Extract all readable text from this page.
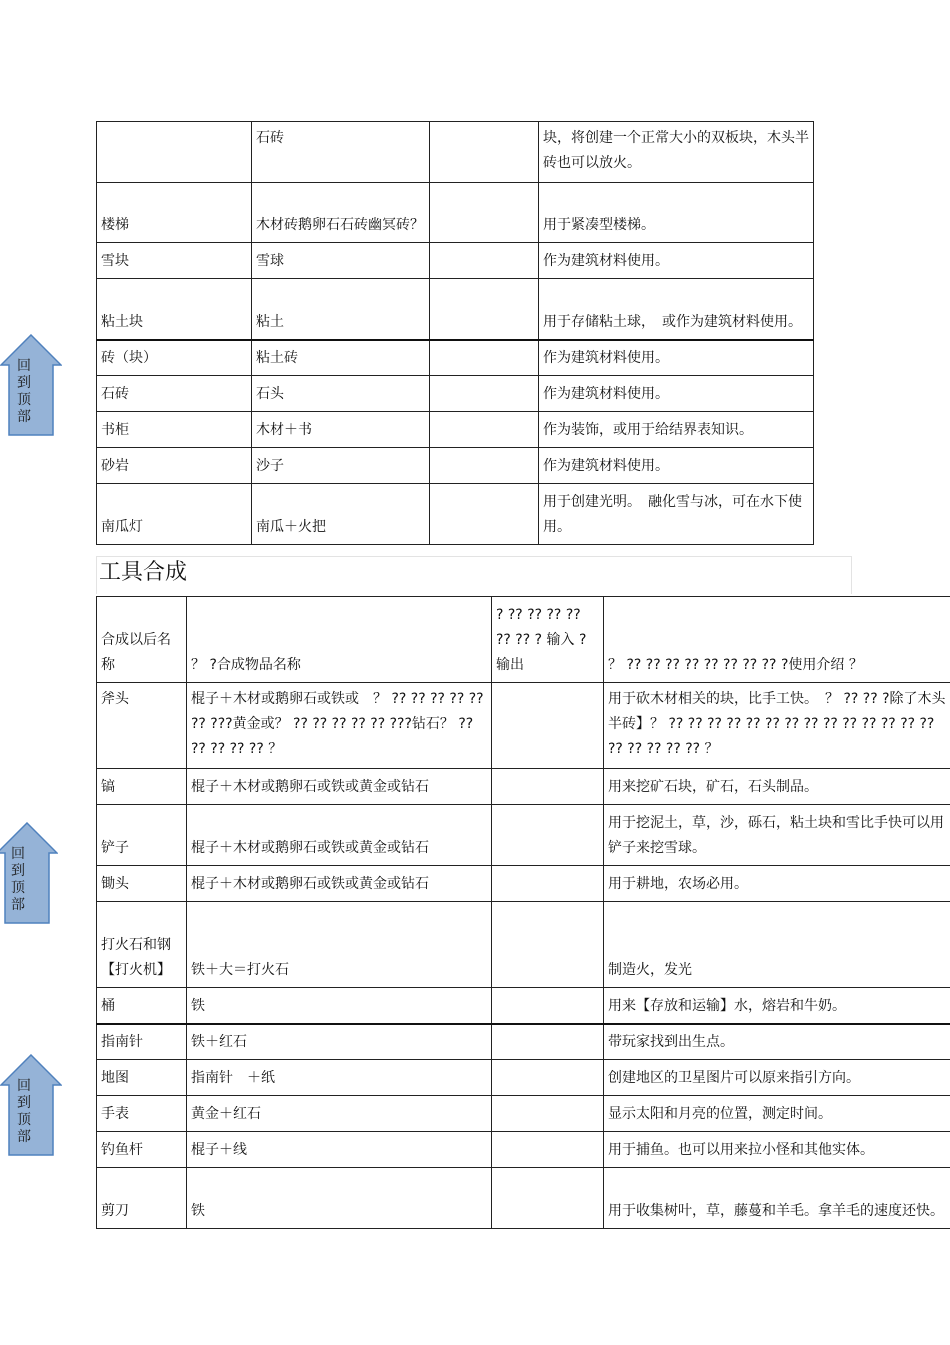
回到顶部
回到顶部
回到顶部
	石砖		块，将创建一个正常大小的双板块，木头半砖也可以放火。
楼梯	木材砖鹅卵石石砖幽冥砖？		用于紧凑型楼梯。
雪块	雪球		作为建筑材料使用。
粘土块	粘土		用于存储粘土球，　或作为建筑材料使用。
砖（块）	粘土砖		作为建筑材料使用。
石砖	石头		作为建筑材料使用。
书柜	木材＋书		作为装饰，或用于给结界表知识。
砂岩	沙子		作为建筑材料使用。
南瓜灯	南瓜＋火把		用于创建光明。　融化雪与冰，可在水下使用。
工具合成
合成以后名称	？ ?合成物品名称	? ?? ?? ?? ?? ?? ?? ? 输入 ?输出	？ ?? ?? ?? ?? ?? ?? ?? ?? ?使用介绍 ？
斧头	棍子＋木材或鹅卵石或铁或　？ ?? ?? ?? ?? ?? ?? ???黄金或？ ?? ?? ?? ?? ?? ???钻石？ ?? ?? ?? ?? ?? ？		用于砍木材相关的块，比手工快。　？ ?? ?? ?除了木头半砖】？ ?? ?? ?? ?? ?? ?? ?? ?? ?? ?? ?? ?? ?? ?? ?? ?? ?? ?? ?? ？
镐	棍子＋木材或鹅卵石或铁或黄金或钻石		用来挖矿石块，矿石，石头制品。
铲子	棍子＋木材或鹅卵石或铁或黄金或钻石		用于挖泥土，草，沙，砾石，粘土块和雪比手快可以用铲子来挖雪球。
锄头	棍子＋木材或鹅卵石或铁或黄金或钻石		用于耕地，农场必用。
打火石和钢【打火机】	铁＋大＝打火石		制造火，发光
桶	铁		用来【存放和运输】水，熔岩和牛奶。
指南针	铁＋红石		带玩家找到出生点。
地图	指南针　＋纸		创建地区的卫星图片可以原来指引方向。
手表	黄金＋红石		显示太阳和月亮的位置，测定时间。
钓鱼杆	棍子＋线		用于捕鱼。也可以用来拉小怪和其他实体。
剪刀	铁		用于收集树叶，草，藤蔓和羊毛。拿羊毛的速度还快。
